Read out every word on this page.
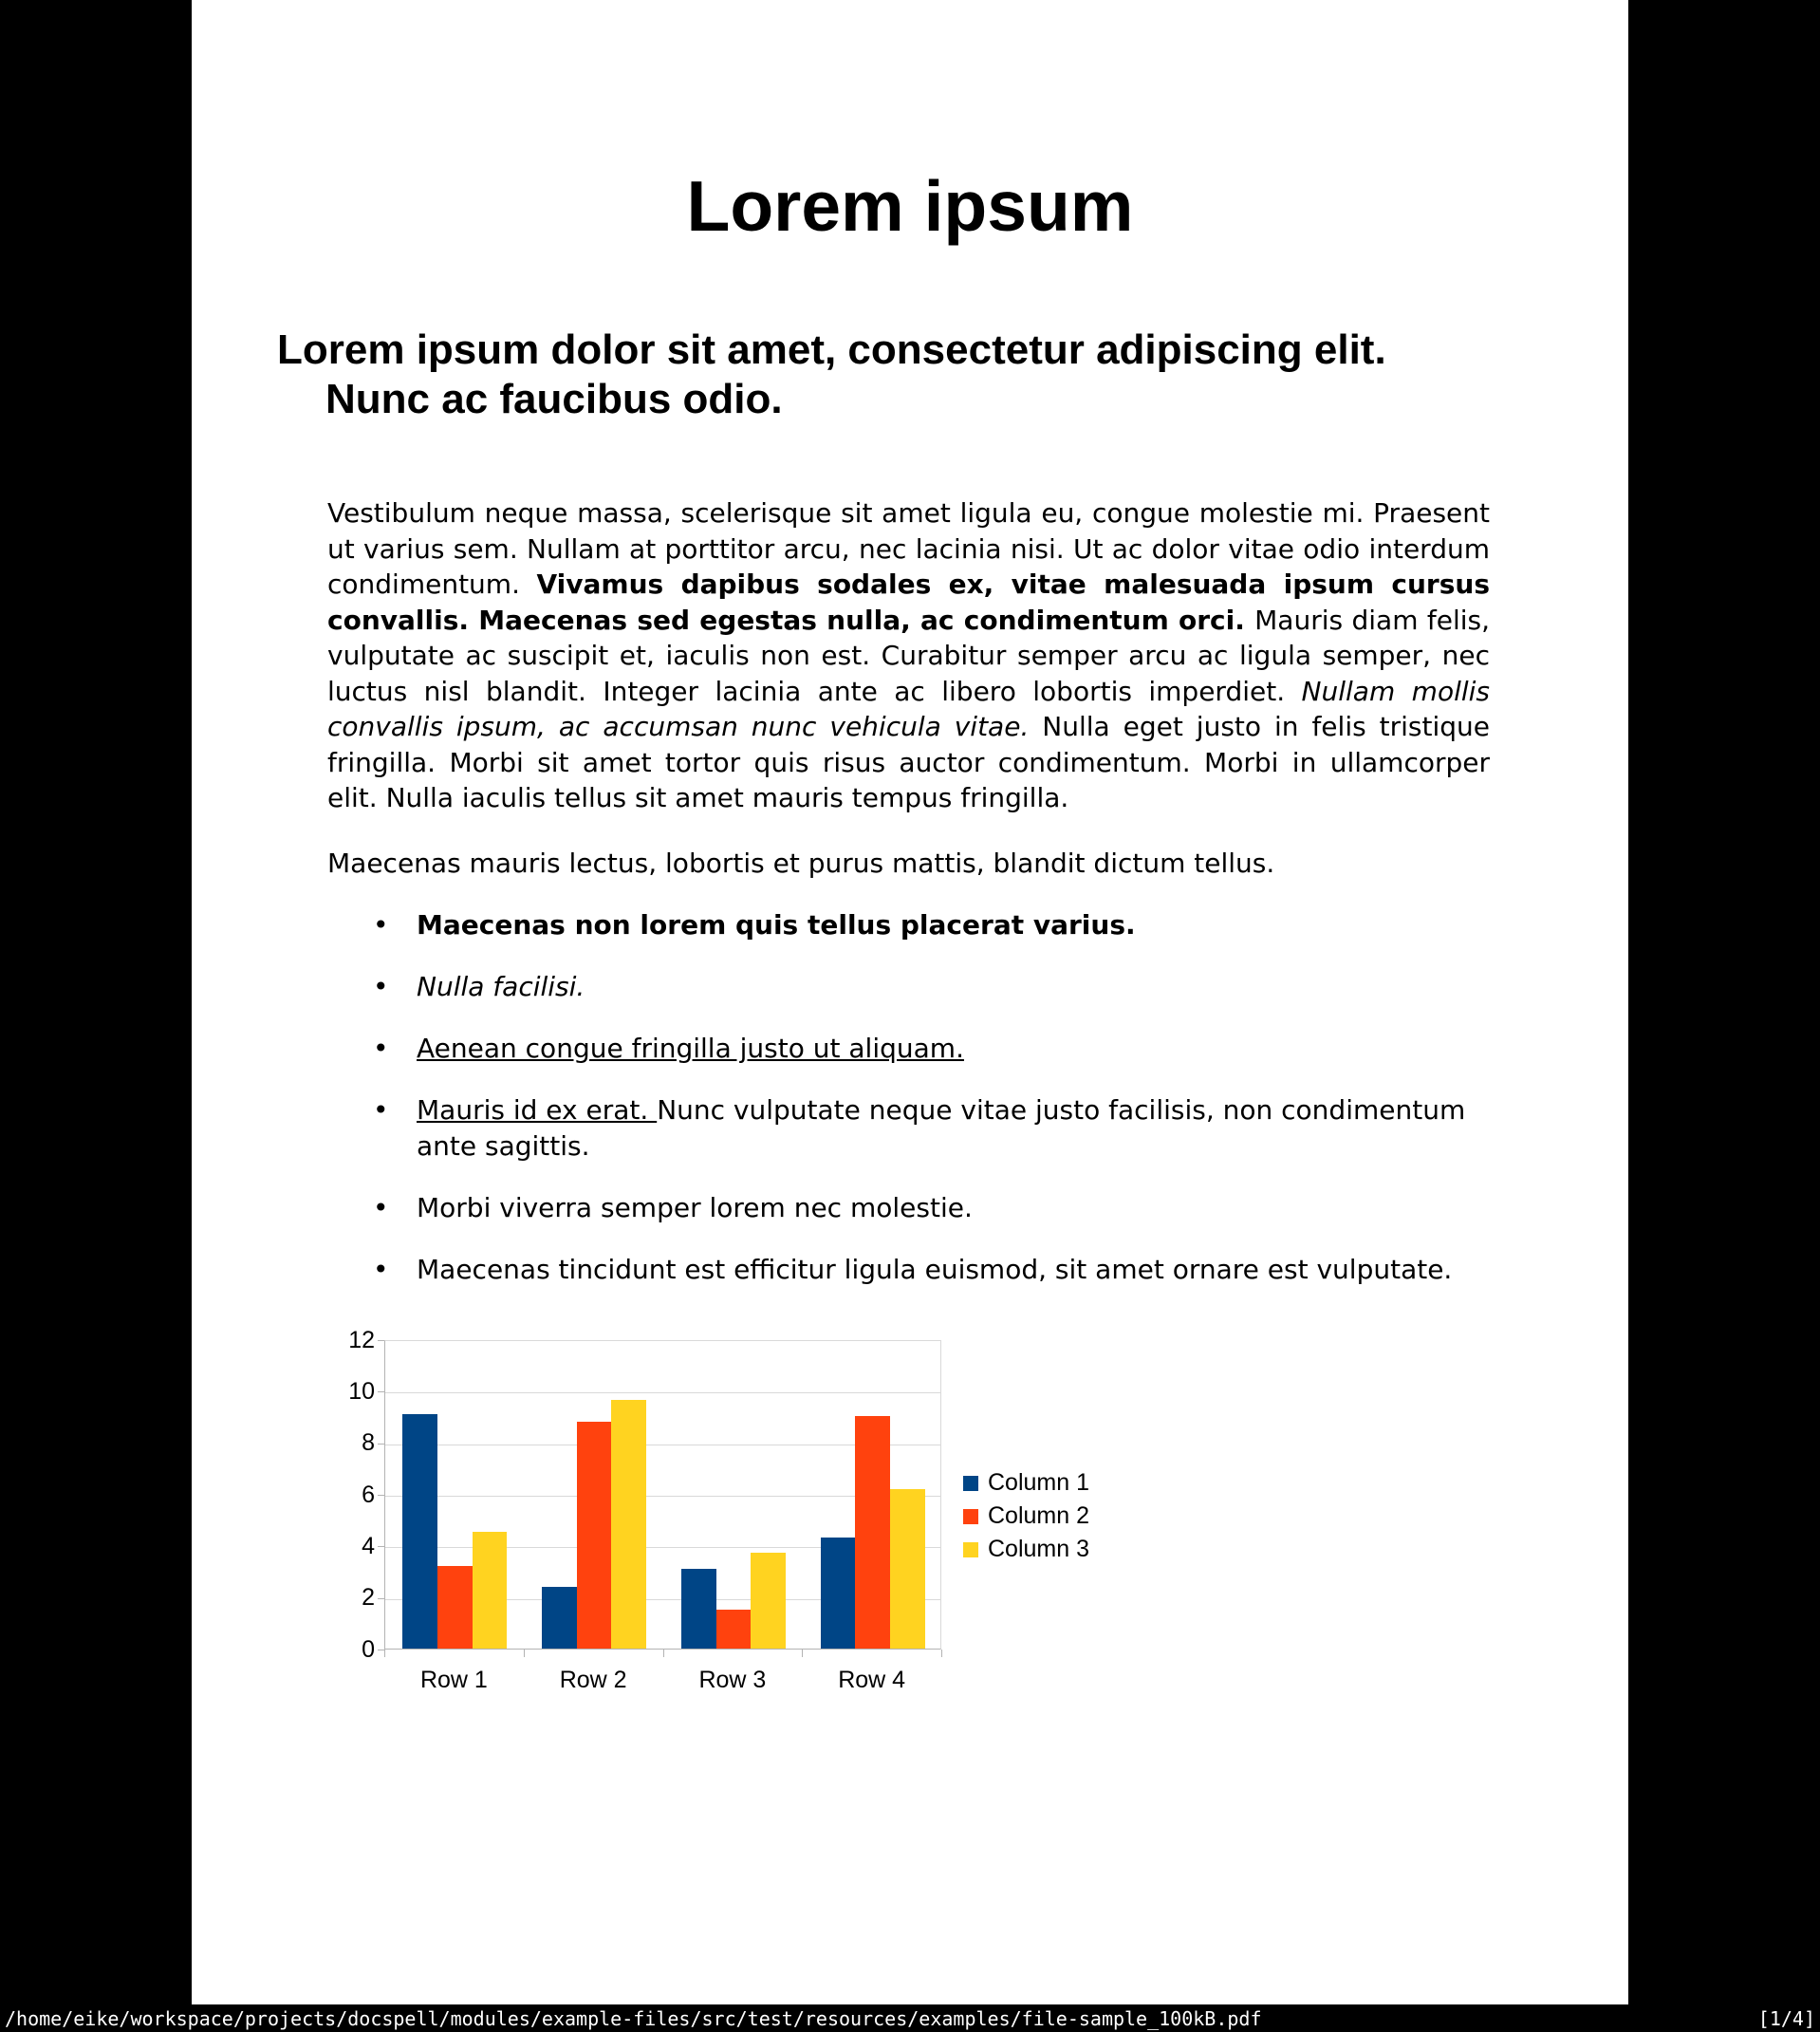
Lorem ipsum
Lorem ipsum dolor sit amet, consectetur adipiscing elit.
Nunc ac faucibus odio.
Vestibulum neque massa, scelerisque sit amet ligula eu, congue molestie mi. Praesent ut varius sem. Nullam at porttitor arcu, nec lacinia nisi. Ut ac dolor vitae odio interdum condimentum. Vivamus dapibus sodales ex, vitae malesuada ipsum cursus convallis. Maecenas sed egestas nulla, ac condimentum orci. Mauris diam felis, vulputate ac suscipit et, iaculis non est. Curabitur semper arcu ac ligula semper, nec luctus nisl blandit. Integer lacinia ante ac libero lobortis imperdiet. Nullam mollis convallis ipsum, ac accumsan nunc vehicula vitae. Nulla eget justo in felis tristique fringilla. Morbi sit amet tortor quis risus auctor condimentum. Morbi in ullamcorper elit. Nulla iaculis tellus sit amet mauris tempus fringilla.
Maecenas mauris lectus, lobortis et purus mattis, blandit dictum tellus.
• Maecenas non lorem quis tellus placerat varius.
• Nulla facilisi.
• Aenean congue fringilla justo ut aliquam.
• Mauris id ex erat. Nunc vulputate neque vitae justo facilisis, non condimentum ante sagittis.
• Morbi viverra semper lorem nec molestie.
• Maecenas tincidunt est efficitur ligula euismod, sit amet ornare est vulputate.
Column 1
Column 2
Column 3
0
2
4
6
8
10
12
Row 1	Row 2	Row 3	Row 4
/home/eike/workspace/projects/docspell/modules/example-files/src/test/resources/examples/file-sample_100kB.pdf	[1/4]
